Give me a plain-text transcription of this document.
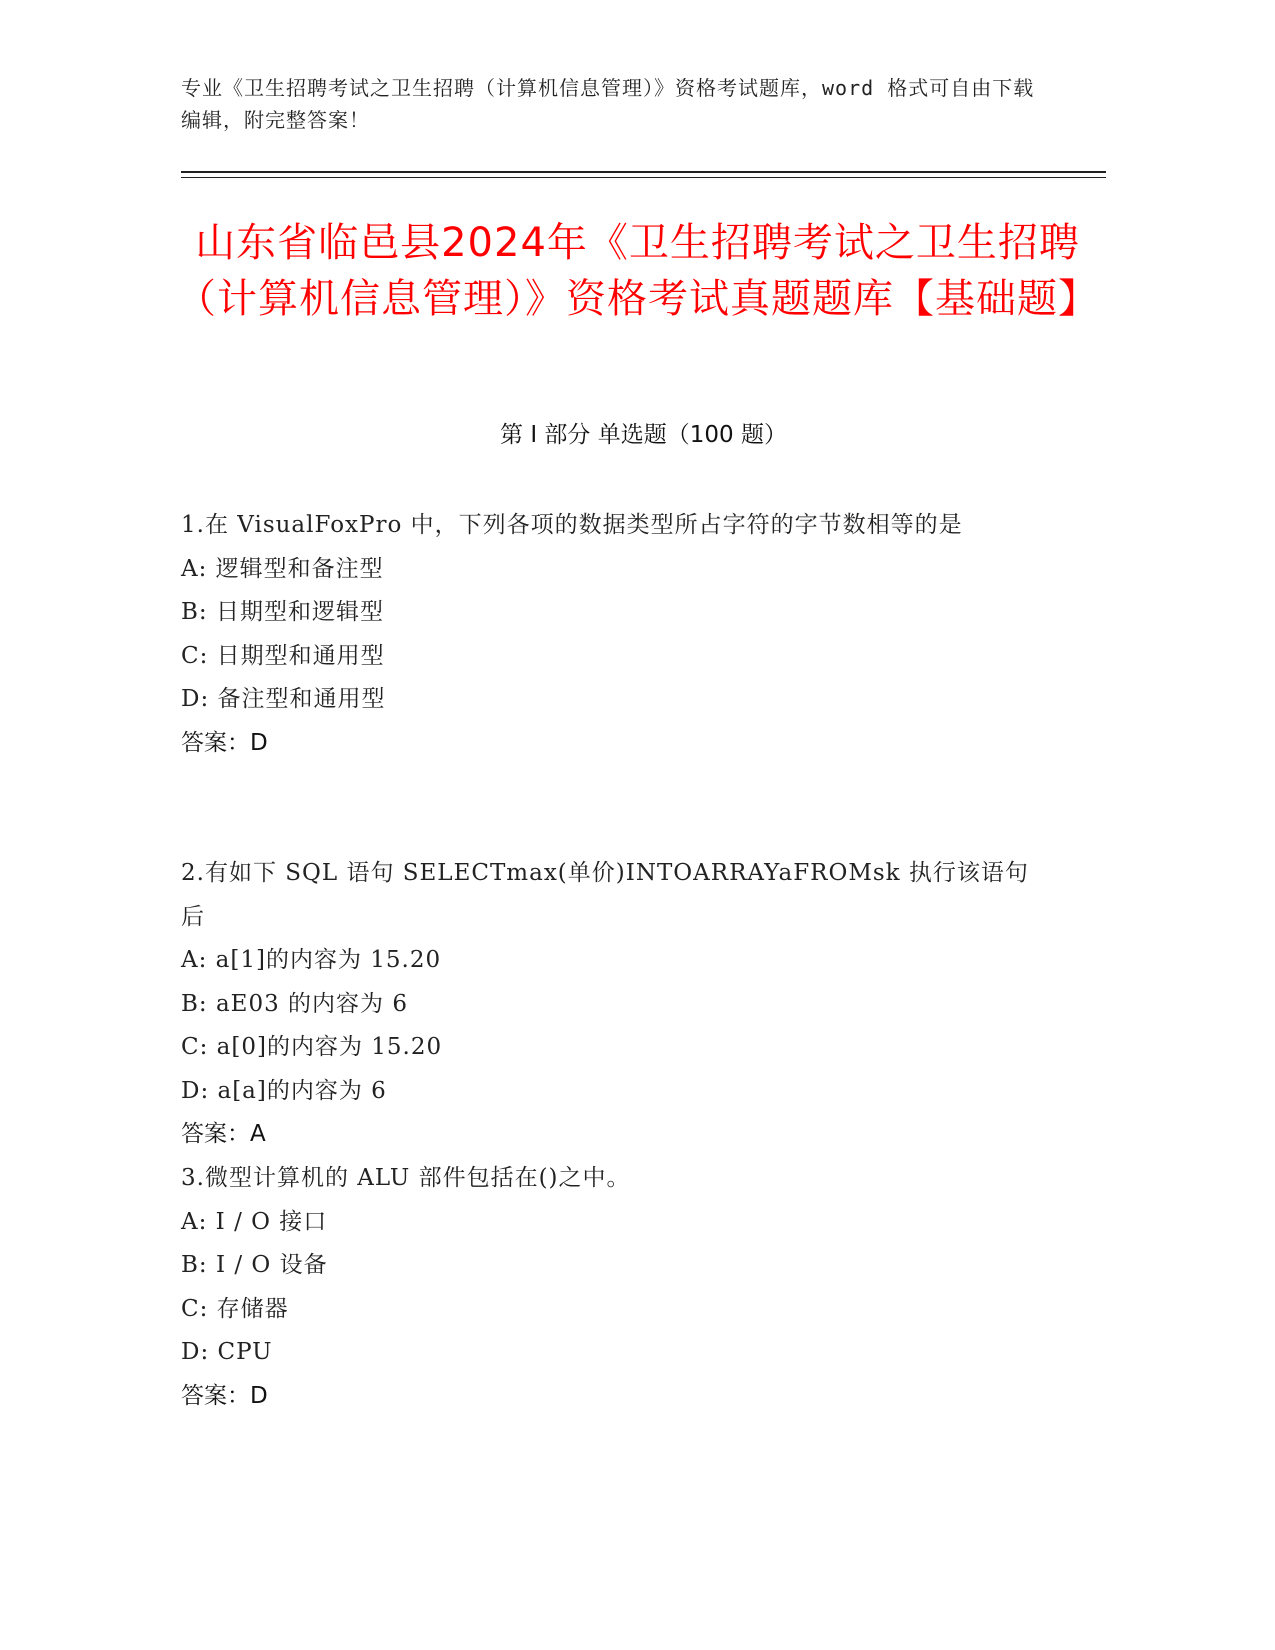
专业《卫生招聘考试之卫生招聘（计算机信息管理）》资格考试题库，word 格式可自由下载编辑，附完整答案！
山东省临邑县2024年《卫生招聘考试之卫生招聘（计算机信息管理）》资格考试真题题库【基础题】
第 I 部分 单选题（100 题）
1.在 VisualFoxPro 中，下列各项的数据类型所占字符的字节数相等的是
A: 逻辑型和备注型
B: 日期型和逻辑型
C: 日期型和通用型
D: 备注型和通用型
答案：D
2.有如下 SQL 语句 SELECTmax(单价)INTOARRAYaFROMsk 执行该语句后
A: a[1]的内容为 15.20
B: aE03 的内容为 6
C: a[0]的内容为 15.20
D: a[a]的内容为 6
答案：A
3.微型计算机的 ALU 部件包括在()之中。
A: I / O 接口
B: I / O 设备
C: 存储器
D: CPU
答案：D
